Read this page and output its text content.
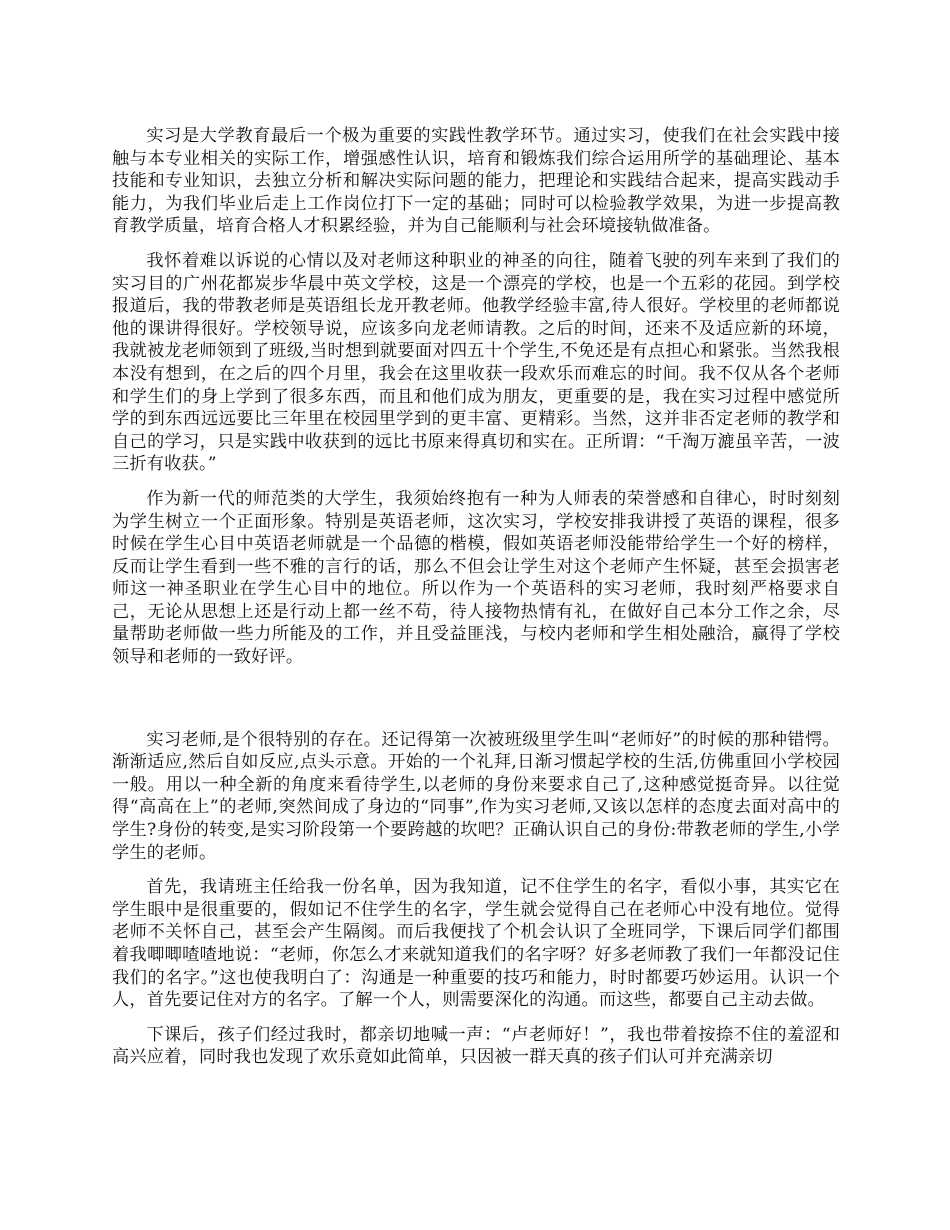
实习是大学教育最后一个极为重要的实践性教学环节。通过实习，使我们在社会实践中接触与本专业相关的实际工作，增强感性认识，培育和锻炼我们综合运用所学的基础理论、基本技能和专业知识，去独立分析和解决实际问题的能力，把理论和实践结合起来，提高实践动手能力，为我们毕业后走上工作岗位打下一定的基础；同时可以检验教学效果，为进一步提高教育教学质量，培育合格人才积累经验，并为自己能顺利与社会环境接轨做准备。

我怀着难以诉说的心情以及对老师这种职业的神圣的向往，随着飞驶的列车来到了我们的实习目的广州花都炭步华晨中英文学校，这是一个漂亮的学校，也是一个五彩的花园。到学校报道后，我的带教老师是英语组长龙开教老师。他教学经验丰富,待人很好。学校里的老师都说他的课讲得很好。学校领导说，应该多向龙老师请教。之后的时间，还来不及适应新的环境，我就被龙老师领到了班级,当时想到就要面对四五十个学生,不免还是有点担心和紧张。当然我根本没有想到，在之后的四个月里，我会在这里收获一段欢乐而难忘的时间。我不仅从各个老师和学生们的身上学到了很多东西，而且和他们成为朋友，更重要的是，我在实习过程中感觉所学的到东西远远要比三年里在校园里学到的更丰富、更精彩。当然，这并非否定老师的教学和自己的学习，只是实践中收获到的远比书原来得真切和实在。正所谓：“千淘万漉虽辛苦，一波三折有收获。”

作为新一代的师范类的大学生，我须始终抱有一种为人师表的荣誉感和自律心，时时刻刻为学生树立一个正面形象。特别是英语老师，这次实习，学校安排我讲授了英语的课程，很多时候在学生心目中英语老师就是一个品德的楷模，假如英语老师没能带给学生一个好的榜样，反而让学生看到一些不雅的言行的话，那么不但会让学生对这个老师产生怀疑，甚至会损害老师这一神圣职业在学生心目中的地位。所以作为一个英语科的实习老师，我时刻严格要求自己，无论从思想上还是行动上都一丝不苟，待人接物热情有礼，在做好自己本分工作之余，尽量帮助老师做一些力所能及的工作，并且受益匪浅，与校内老师和学生相处融洽，赢得了学校领导和老师的一致好评。

实习老师,是个很特别的存在。还记得第一次被班级里学生叫“老师好”的时候的那种错愕。渐渐适应,然后自如反应,点头示意。开始的一个礼拜,日渐习惯起学校的生活,仿佛重回小学校园一般。用以一种全新的角度来看待学生,以老师的身份来要求自己了,这种感觉挺奇异。以往觉得“高高在上”的老师,突然间成了身边的“同事”,作为实习老师,又该以怎样的态度去面对高中的学生?身份的转变,是实习阶段第一个要跨越的坎吧？正确认识自己的身份:带教老师的学生,小学学生的老师。

首先，我请班主任给我一份名单，因为我知道，记不住学生的名字，看似小事，其实它在学生眼中是很重要的，假如记不住学生的名字，学生就会觉得自己在老师心中没有地位。觉得老师不关怀自己，甚至会产生隔阂。而后我便找了个机会认识了全班同学，下课后同学们都围着我唧唧喳喳地说：“老师，你怎么才来就知道我们的名字呀？好多老师教了我们一年都没记住我们的名字。”这也使我明白了：沟通是一种重要的技巧和能力，时时都要巧妙运用。认识一个人，首先要记住对方的名字。了解一个人，则需要深化的沟通。而这些，都要自己主动去做。

下课后，孩子们经过我时，都亲切地喊一声：“卢老师好！”，我也带着按捺不住的羞涩和高兴应着，同时我也发现了欢乐竟如此简单，只因被一群天真的孩子们认可并充满亲切
